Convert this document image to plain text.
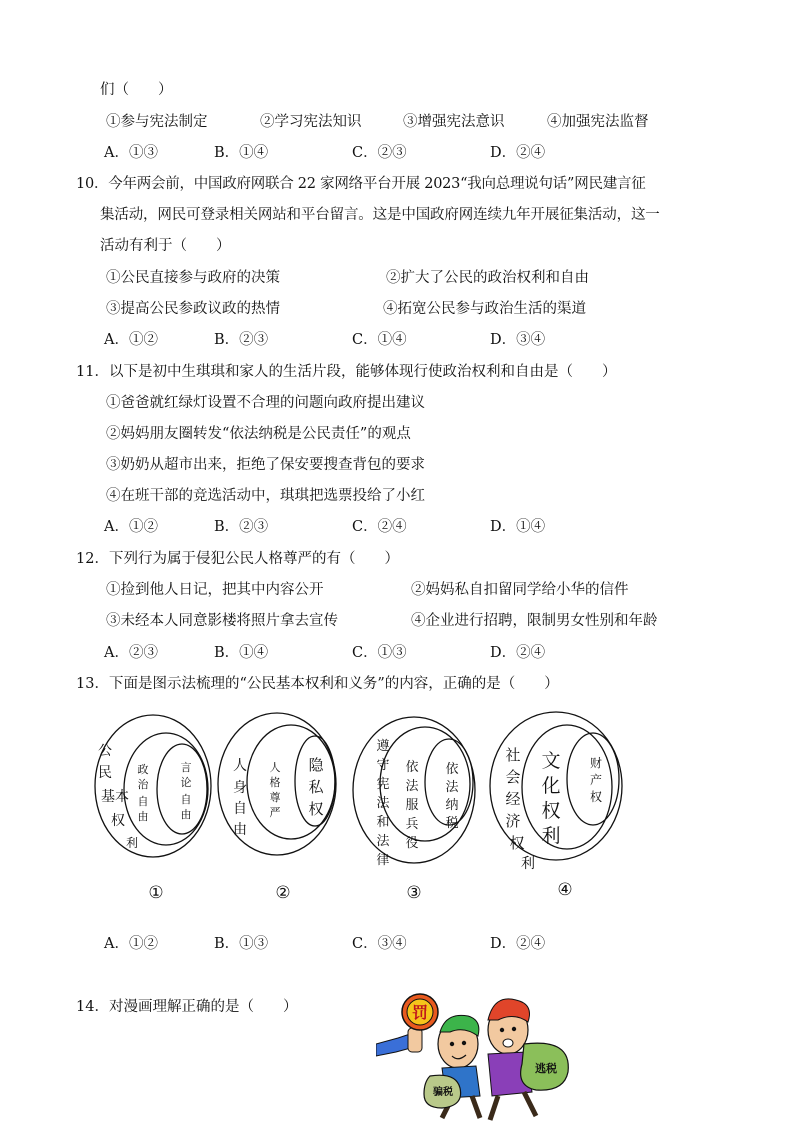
们（　　）
①参与宪法制定	②学习宪法知识	③增强宪法意识	④加强宪法监督
A．①③	B．①④	C．②③	D．②④
10．今年两会前，中国政府网联合 22 家网络平台开展 2023“我向总理说句话”网民建言征
集活动，网民可登录相关网站和平台留言。这是中国政府网连续九年开展征集活动，这一
活动有利于（　　）
①公民直接参与政府的决策	②扩大了公民的政治权利和自由
③提高公民参政议政的热情	④拓宽公民参与政治生活的渠道
A．①②	B．②③	C．①④	D．③④
11．以下是初中生琪琪和家人的生活片段，能够体现行使政治权利和自由是（　　）
①爸爸就红绿灯设置不合理的问题向政府提出建议
②妈妈朋友圈转发“依法纳税是公民责任”的观点
③奶奶从超市出来，拒绝了保安要搜查背包的要求
④在班干部的竞选活动中，琪琪把选票投给了小红
A．①②	B．②③	C．②④	D．①④
12．下列行为属于侵犯公民人格尊严的有（　　）
①捡到他人日记，把其中内容公开	②妈妈私自扣留同学给小华的信件
③未经本人同意影楼将照片拿去宣传	④企业进行招聘，限制男女性别和年龄
A．②③	B．①④	C．①③	D．②④
13．下面是图示法梳理的“公民基本权利和义务”的内容，正确的是（　　）
公
民
基本
权
利
政
治
自
由
言
论
自
由
①
人
身
自
由
人
格
尊
严
隐
私
权
②
遵
守
宪
法
和
法
律
依
法
服
兵
役
依
法
纳
税
③
社
会
经
济
权
利
文
化
权
利
财
产
权
④
A．①②	B．①③	C．③④	D．②④
14．对漫画理解正确的是（　　）	罚
逃税
骗税
